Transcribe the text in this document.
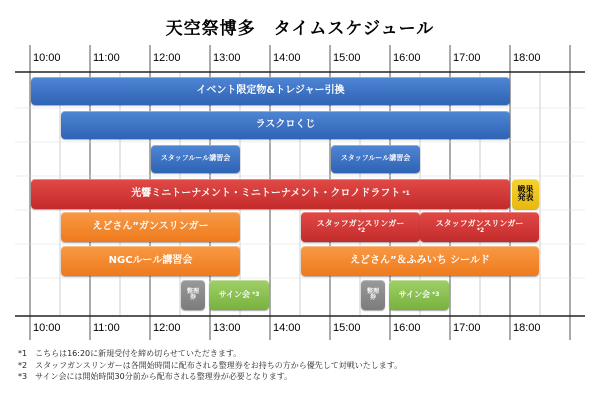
天空祭博多　タイムスケジュール
10:00	11:00	12:00	13:00	14:00	15:00	16:00	17:00	18:00
10:00	11:00	12:00	13:00	14:00	15:00	16:00	17:00	18:00
イベント限定物&トレジャー引換
ラスクロくじ
スタッフルール講習会	スタッフルール講習会
光響ミニトーナメント・ミニトーナメント・クロノドラフト *1	戦果発表
えどさん”ガンスリンガー	スタッフガンスリンガー
*2
スタッフガンスリンガー
*2
NGCルール講習会	えどさん”＆ふみいち シールド
整理券	サイン会 *3	整理券	サイン会 *3
*1　こちらは16:20に新規受付を締め切らせていただきます。
*2　スタッフガンスリンガーは各開始時間に配布される整理券をお持ちの方から優先して対戦いたします。
*3　サイン会には開始時間30分前から配布される整理券が必要となります。
